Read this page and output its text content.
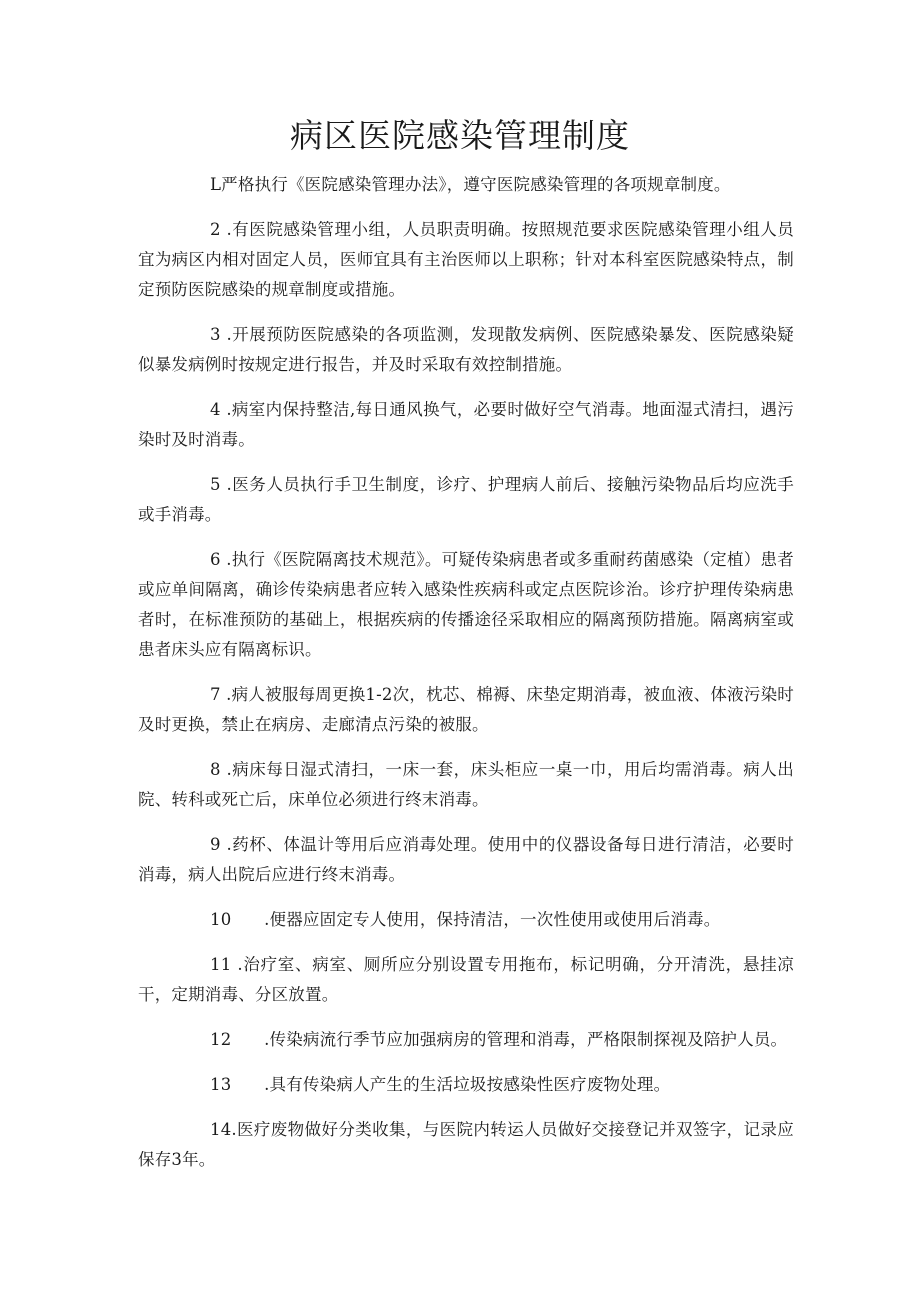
病区医院感染管理制度

L严格执行《医院感染管理办法》，遵守医院感染管理的各项规章制度。

2 .有医院感染管理小组，人员职责明确。按照规范要求医院感染管理小组人员宜为病区内相对固定人员，医师宜具有主治医师以上职称；针对本科室医院感染特点，制定预防医院感染的规章制度或措施。

3 .开展预防医院感染的各项监测，发现散发病例、医院感染暴发、医院感染疑似暴发病例时按规定进行报告，并及时采取有效控制措施。

4 .病室内保持整洁,每日通风换气，必要时做好空气消毒。地面湿式清扫，遇污染时及时消毒。

5 .医务人员执行手卫生制度，诊疗、护理病人前后、接触污染物品后均应洗手或手消毒。

6 .执行《医院隔离技术规范》。可疑传染病患者或多重耐药菌感染（定植）患者或应单间隔离，确诊传染病患者应转入感染性疾病科或定点医院诊治。诊疗护理传染病患者时，在标准预防的基础上，根据疾病的传播途径采取相应的隔离预防措施。隔离病室或患者床头应有隔离标识。

7 .病人被服每周更换1-2次，枕芯、棉褥、床垫定期消毒，被血液、体液污染时及时更换，禁止在病房、走廊清点污染的被服。

8 .病床每日湿式清扫，一床一套，床头柜应一桌一巾，用后均需消毒。病人出院、转科或死亡后，床单位必须进行终末消毒。

9 .药杯、体温计等用后应消毒处理。使用中的仪器设备每日进行清洁，必要时消毒，病人出院后应进行终末消毒。

10      .便器应固定专人使用，保持清洁，一次性使用或使用后消毒。

11 .治疗室、病室、厕所应分别设置专用拖布，标记明确，分开清洗，悬挂凉干，定期消毒、分区放置。

12      .传染病流行季节应加强病房的管理和消毒，严格限制探视及陪护人员。

13      .具有传染病人产生的生活垃圾按感染性医疗废物处理。

14.医疗废物做好分类收集，与医院内转运人员做好交接登记并双签字，记录应保存3年。
